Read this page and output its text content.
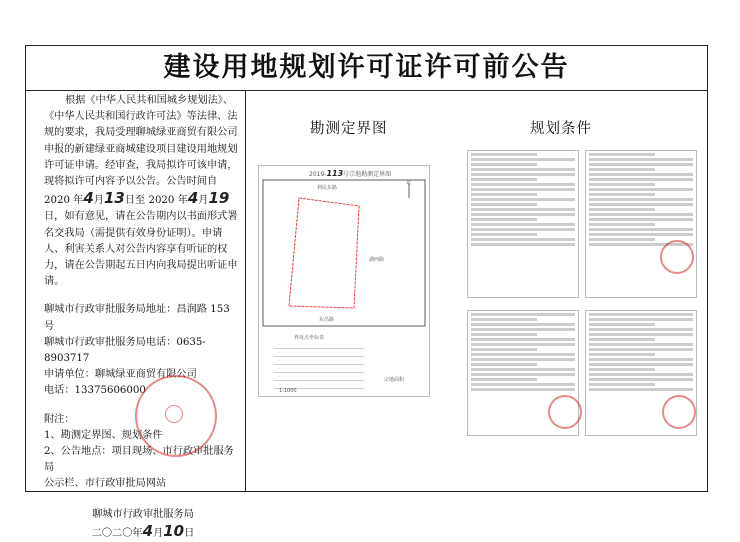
建设用地规划许可证许可前公告
根据《中华人民共和国城乡规划法》、《中华人民共和国行政许可法》等法律、法规的要求，我局受理聊城绿亚商贸有限公司申报的新建绿亚商城建设项目建设用地规划许可证申请。经审查，我局拟许可该申请，现将拟许可内容予以公告。公告时间自 2020 年4月13日至 2020 年4月19日，如有意见，请在公告期内以书面形式署名交我局（需提供有效身份证明）。申请人、利害关系人对公告内容享有听证的权力，请在公告期起五日内向我局提出听证申请。
聊城市行政审批服务局地址：昌润路 153 号
聊城市行政审批服务局电话：0635-8903717
申请单位：聊城绿亚商贸有限公司
电话：13375606000
附注：
1、勘测定界图、规划条件
2、公告地点：项目现场、市行政审批服务局
公示栏、市行政审批局网站
聊城市行政审批服务局
二〇二〇年4月10日
勘测定界图	规划条件
2019-113号宗地勘测定界图
北
利民东路
湖西路
东昌路
界址点坐标表
1:1000
宗地面积
